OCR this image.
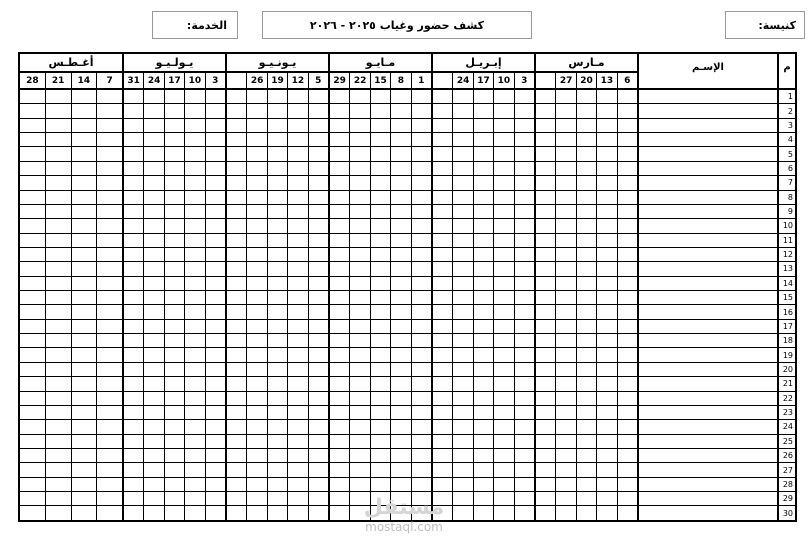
كنيسة:
كشف حضور وغياب ٢٠٢٥ - ٢٠٢٦
الخدمة:
أغـطـس
7
14
21
28
يـولـيـو
3
10
17
24
31
يـونـيـو
5
12
19
26
مـايـو
1
8
15
22
29
إبـريـل
3
10
17
24
مـارس
6
13
20
27
الإسـم	م
1
2
3
4
5
6
7
8
9
10
11
12
13
14
15
16
17
18
19
20
21
22
23
24
25
26
27
28
29
30
مستقل
mostaql.com
